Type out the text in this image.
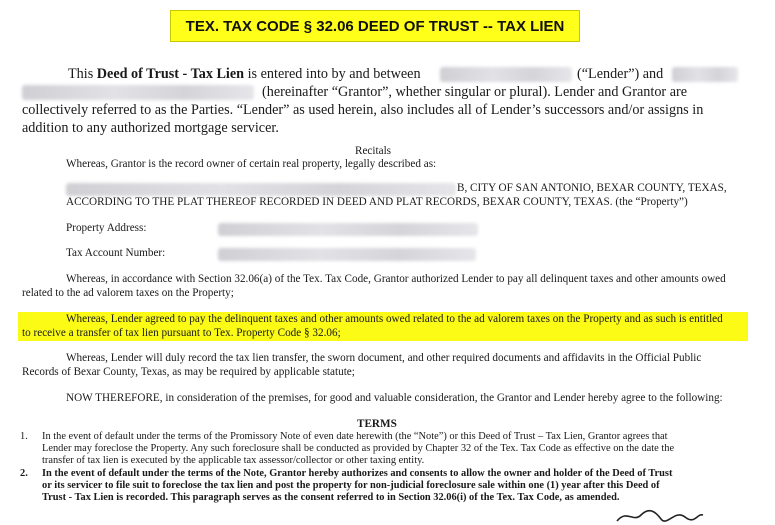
TEX. TAX CODE § 32.06 DEED OF TRUST -- TAX LIEN
This Deed of Trust - Tax Lien is entered into by and between	(“Lender”) and
(hereinafter “Grantor”, whether singular or plural). Lender and Grantor are
collectively referred to as the Parties. “Lender” as used herein, also includes all of Lender’s successors and/or assigns in
addition to any authorized mortgage servicer.
Recitals
Whereas, Grantor is the record owner of certain real property, legally described as:
B, CITY OF SAN ANTONIO, BEXAR COUNTY, TEXAS,
ACCORDING TO THE PLAT THEREOF RECORDED IN DEED AND PLAT RECORDS, BEXAR COUNTY, TEXAS. (the “Property”)
Property Address:
Tax Account Number:
Whereas, in accordance with Section 32.06(a) of the Tex. Tax Code, Grantor authorized Lender to pay all delinquent taxes and other amounts owed
related to the ad valorem taxes on the Property;
Whereas, Lender agreed to pay the delinquent taxes and other amounts owed related to the ad valorem taxes on the Property and as such is entitled
to receive a transfer of tax lien pursuant to Tex. Property Code § 32.06;
Whereas, Lender will duly record the tax lien transfer, the sworn document, and other required documents and affidavits in the Official Public
Records of Bexar County, Texas, as may be required by applicable statute;
NOW THEREFORE, in consideration of the premises, for good and valuable consideration, the Grantor and Lender hereby agree to the following:
TERMS
1. In the event of default under the terms of the Promissory Note of even date herewith (the “Note”) or this Deed of Trust – Tax Lien, Grantor agrees that
Lender may foreclose the Property. Any such foreclosure shall be conducted as provided by Chapter 32 of the Tex. Tax Code as effective on the date the
transfer of tax lien is executed by the applicable tax assessor/collector or other taxing entity.
2. In the event of default under the terms of the Note, Grantor hereby authorizes and consents to allow the owner and holder of the Deed of Trust
or its servicer to file suit to foreclose the tax lien and post the property for non-judicial foreclosure sale within one (1) year after this Deed of
Trust - Tax Lien is recorded. This paragraph serves as the consent referred to in Section 32.06(i) of the Tex. Tax Code, as amended.
